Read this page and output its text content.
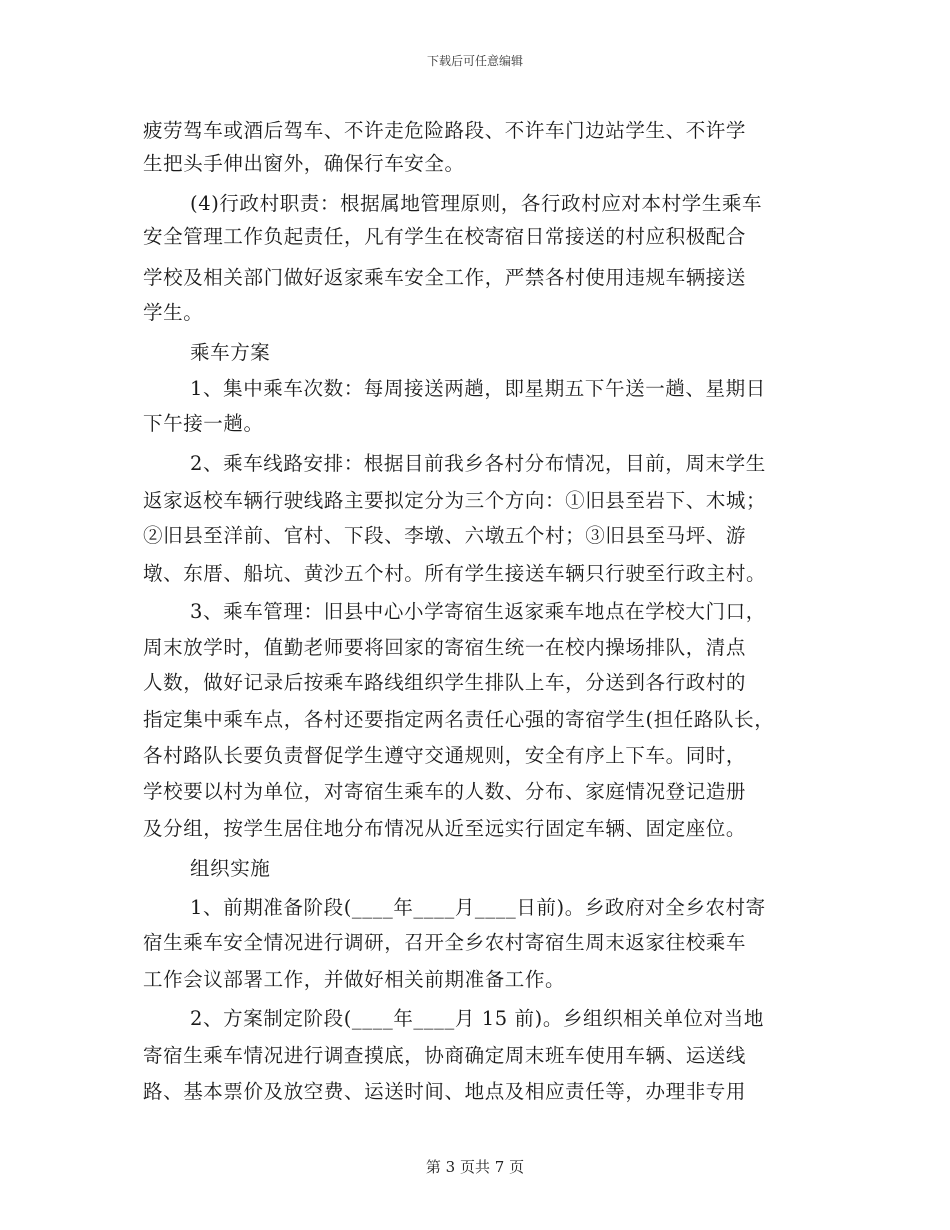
下载后可任意编辑
疲劳驾车或酒后驾车、不许走危险路段、不许车门边站学生、不许学
生把头手伸出窗外，确保行车安全。
(4)行政村职责：根据属地管理原则，各行政村应对本村学生乘车
安全管理工作负起责任，凡有学生在校寄宿日常接送的村应积极配合
学校及相关部门做好返家乘车安全工作，严禁各村使用违规车辆接送
学生。
乘车方案
1、集中乘车次数：每周接送两趟，即星期五下午送一趟、星期日
下午接一趟。
2、乘车线路安排：根据目前我乡各村分布情况，目前，周末学生
返家返校车辆行驶线路主要拟定分为三个方向：①旧县至岩下、木城；
②旧县至洋前、官村、下段、李墩、六墩五个村；③旧县至马坪、游
墩、东厝、船坑、黄沙五个村。所有学生接送车辆只行驶至行政主村。
3、乘车管理：旧县中心小学寄宿生返家乘车地点在学校大门口，
周末放学时，值勤老师要将回家的寄宿生统一在校内操场排队，清点
人数，做好记录后按乘车路线组织学生排队上车，分送到各行政村的
指定集中乘车点，各村还要指定两名责任心强的寄宿学生(担任路队长，
各村路队长要负责督促学生遵守交通规则，安全有序上下车。同时，
学校要以村为单位，对寄宿生乘车的人数、分布、家庭情况登记造册
及分组，按学生居住地分布情况从近至远实行固定车辆、固定座位。
组织实施
1、前期准备阶段(____年____月____日前)。乡政府对全乡农村寄
宿生乘车安全情况进行调研，召开全乡农村寄宿生周末返家往校乘车
工作会议部署工作，并做好相关前期准备工作。
2、方案制定阶段(____年____月 15 前)。乡组织相关单位对当地
寄宿生乘车情况进行调查摸底，协商确定周末班车使用车辆、运送线
路、基本票价及放空费、运送时间、地点及相应责任等，办理非专用
第 3 页共 7 页
